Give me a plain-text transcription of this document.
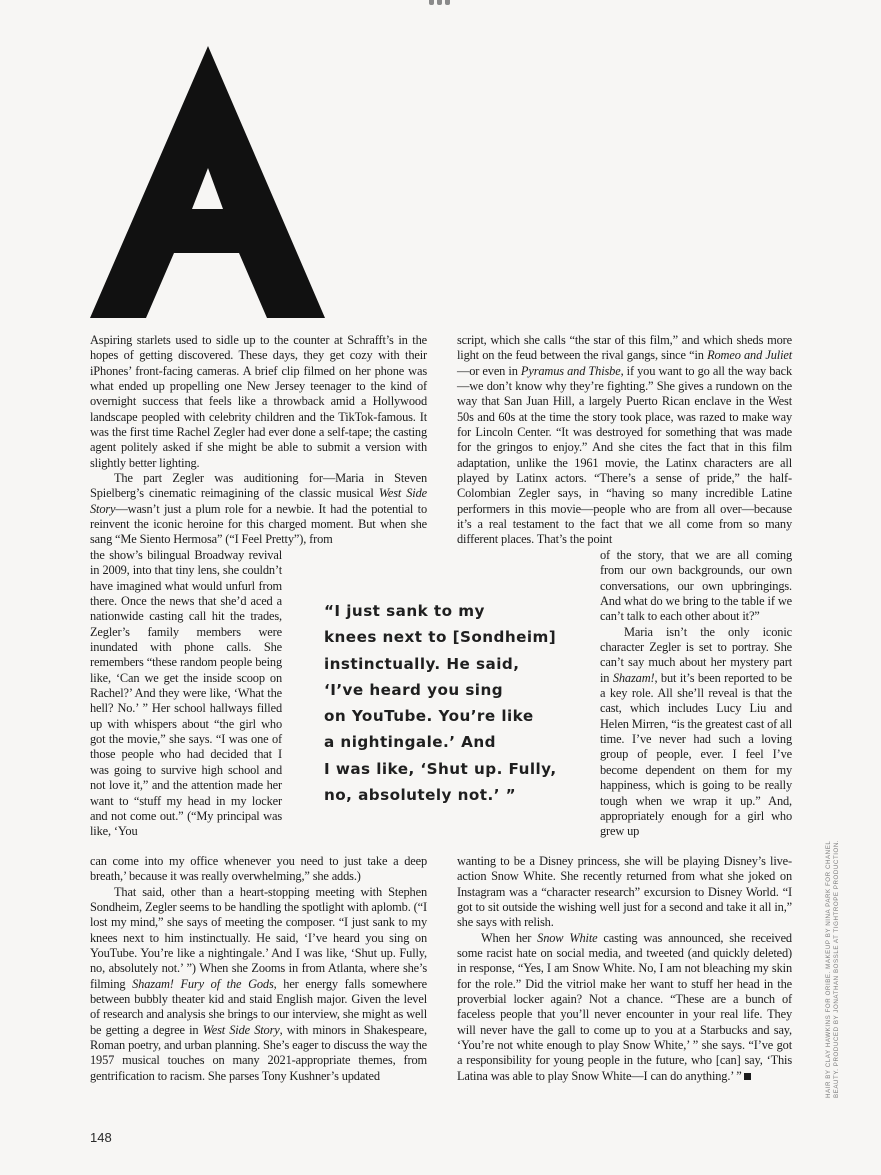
Aspiring starlets used to sidle up to the counter at Schrafft’s in the hopes of getting discovered. These days, they get cozy with their iPhones’ front-facing cameras. A brief clip filmed on her phone was what ended up propelling one New Jersey teenager to the kind of overnight success that feels like a throwback amid a Hollywood landscape peopled with celebrity children and the TikTok-famous. It was the first time Rachel Zegler had ever done a self-tape; the casting agent politely asked if she might be able to submit a version with slightly better lighting.

The part Zegler was auditioning for—Maria in Steven Spielberg’s cinematic reimagining of the classic musical West Side Story—wasn’t just a plum role for a newbie. It had the potential to reinvent the iconic heroine for this charged moment. But when she sang “Me Siento Hermosa” (“I Feel Pretty”), from

the show’s bilingual Broadway revival in 2009, into that tiny lens, she couldn’t have imagined what would unfurl from there. Once the news that she’d aced a nationwide casting call hit the trades, Zegler’s family members were inundated with phone calls. She remembers “these random people being like, ‘Can we get the inside scoop on Rachel?’ And they were like, ‘What the hell? No.’ ” Her school hallways filled up with whispers about “the girl who got the movie,” she says. “I was one of those people who had decided that I was going to survive high school and not love it,” and the attention made her want to “stuff my head in my locker and not come out.” (“My principal was like, ‘You

can come into my office whenever you need to just take a deep breath,’ because it was really overwhelming,” she adds.)

That said, other than a heart-stopping meeting with Stephen Sondheim, Zegler seems to be handling the spotlight with aplomb. (“I lost my mind,” she says of meeting the composer. “I just sank to my knees next to him instinctually. He said, ‘I’ve heard you sing on YouTube. You’re like a nightingale.’ And I was like, ‘Shut up. Fully, no, absolutely not.’ ”) When she Zooms in from Atlanta, where she’s filming Shazam! Fury of the Gods, her energy falls somewhere between bubbly theater kid and staid English major. Given the level of research and analysis she brings to our interview, she might as well be getting a degree in West Side Story, with minors in Shakespeare, Roman poetry, and urban planning. She’s eager to discuss the way the 1957 musical touches on many 2021-appropriate themes, from gentrification to racism. She parses Tony Kushner’s updated

script, which she calls “the star of this film,” and which sheds more light on the feud between the rival gangs, since “in Romeo and Juliet—or even in Pyramus and Thisbe, if you want to go all the way back—we don’t know why they’re fighting.” She gives a rundown on the way that San Juan Hill, a largely Puerto Rican enclave in the West 50s and 60s at the time the story took place, was razed to make way for Lincoln Center. “It was destroyed for something that was made for the gringos to enjoy.” And she cites the fact that in this film adaptation, unlike the 1961 movie, the Latinx characters are all played by Latinx actors. “There’s a sense of pride,” the half-Colombian Zegler says, in “having so many incredible Latine performers in this movie—people who are from all over—because it’s a real testament to the fact that we all come from so many different places. That’s the point

of the story, that we are all coming from our own backgrounds, our own conversations, our own upbringings. And what do we bring to the table if we can’t talk to each other about it?”

Maria isn’t the only iconic character Zegler is set to portray. She can’t say much about her mystery part in Shazam!, but it’s been reported to be a key role. All she’ll reveal is that the cast, which includes Lucy Liu and Helen Mirren, “is the greatest cast of all time. I’ve never had such a loving group of people, ever. I feel I’ve become dependent on them for my happiness, which is going to be really tough when we wrap it up.” And, appropriately enough for a girl who grew up

wanting to be a Disney princess, she will be playing Disney’s live-action Snow White. She recently returned from what she joked on Instagram was a “character research” excursion to Disney World. “I got to sit outside the wishing well just for a second and take it all in,” she says with relish.

When her Snow White casting was announced, she received some racist hate on social media, and tweeted (and quickly deleted) in response, “Yes, I am Snow White. No, I am not bleaching my skin for the role.” Did the vitriol make her want to stuff her head in the proverbial locker again? Not a chance. “These are a bunch of faceless people that you’ll never encounter in your real life. They will never have the gall to come up to you at a Starbucks and say, ‘You’re not white enough to play Snow White,’ ” she says. “I’ve got a responsibility for young people in the future, who [can] say, ‘This Latina was able to play Snow White—I can do anything.’ ”

“I just sank to my
knees next to [Sondheim]
instinctually. He said,
‘I’ve heard you sing
on YouTube. You’re like
a nightingale.’ And
I was like, ‘Shut up. Fully,
no, absolutely not.’ ”
HAIR BY CLAY HAWKINS FOR ORIBE. MAKEUP BY NINA PARK FOR CHANEL BEAUTY. PRODUCED BY JONATHAN BOSSLE AT TIGHTROPE PRODUCTION.
148
